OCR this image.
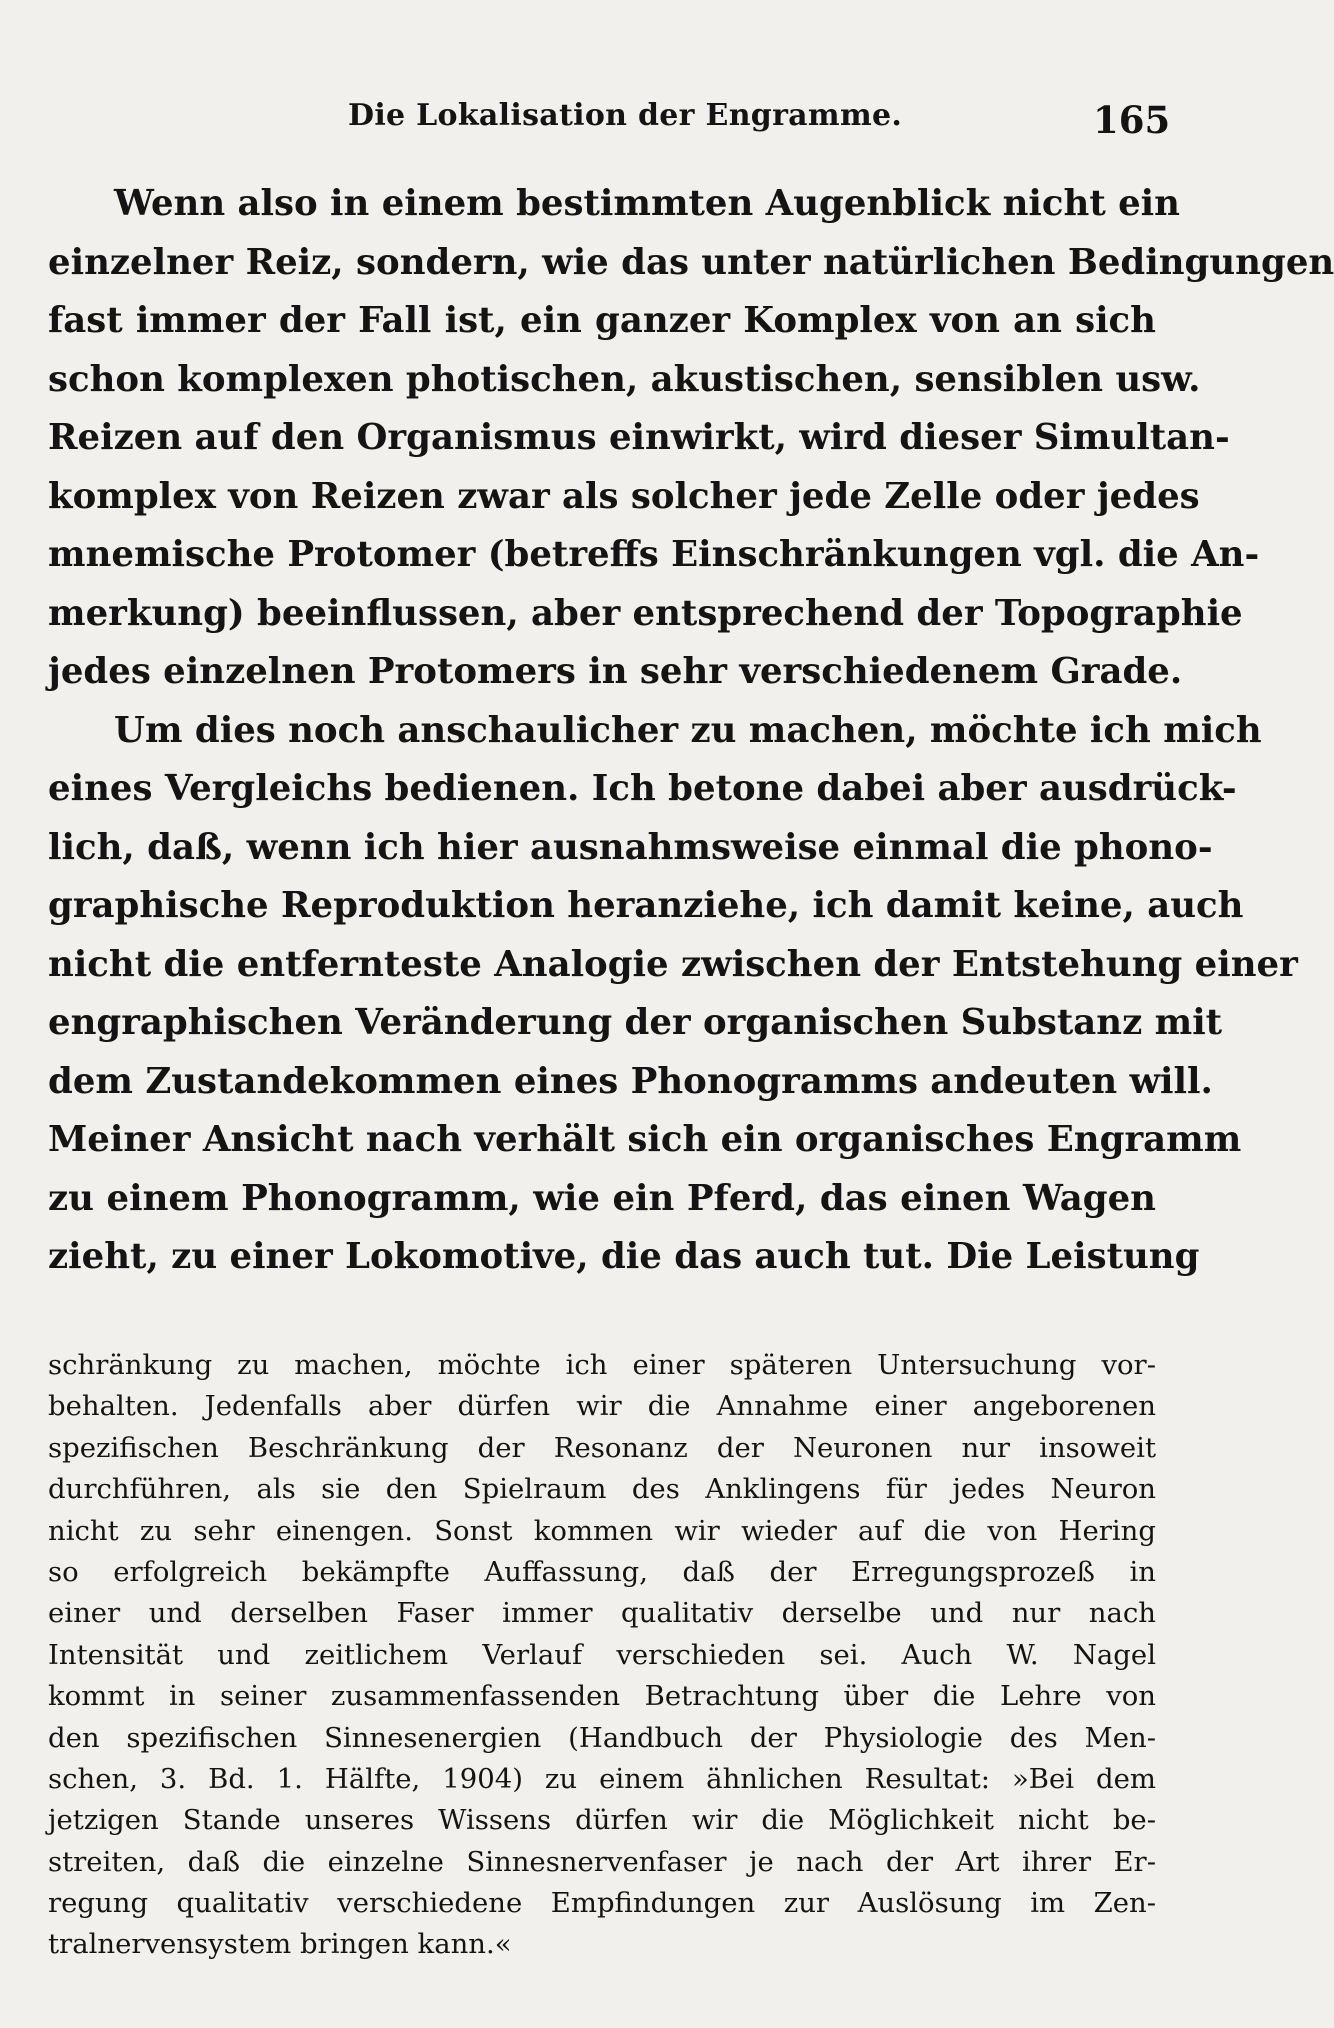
Die Lokalisation der Engramme.	165
Wenn also in einem bestimmten Augenblick nicht ein
einzelner Reiz, sondern, wie das unter natürlichen Bedingungen
fast immer der Fall ist, ein ganzer Komplex von an sich
schon komplexen photischen, akustischen, sensiblen usw.
Reizen auf den Organismus einwirkt, wird dieser Simultan-
komplex von Reizen zwar als solcher jede Zelle oder jedes
mnemische Protomer (betreffs Einschränkungen vgl. die An-
merkung) beeinflussen, aber entsprechend der Topographie
jedes einzelnen Protomers in sehr verschiedenem Grade.
Um dies noch anschaulicher zu machen, möchte ich mich
eines Vergleichs bedienen. Ich betone dabei aber ausdrück-
lich, daß, wenn ich hier ausnahmsweise einmal die phono-
graphische Reproduktion heranziehe, ich damit keine, auch
nicht die entfernteste Analogie zwischen der Entstehung einer
engraphischen Veränderung der organischen Substanz mit
dem Zustandekommen eines Phonogramms andeuten will.
Meiner Ansicht nach verhält sich ein organisches Engramm
zu einem Phonogramm, wie ein Pferd, das einen Wagen
zieht, zu einer Lokomotive, die das auch tut. Die Leistung
schränkung zu machen, möchte ich einer späteren Untersuchung vor-
behalten. Jedenfalls aber dürfen wir die Annahme einer angeborenen
spezifischen Beschränkung der Resonanz der Neuronen nur insoweit
durchführen, als sie den Spielraum des Anklingens für jedes Neuron
nicht zu sehr einengen. Sonst kommen wir wieder auf die von Hering
so erfolgreich bekämpfte Auffassung, daß der Erregungsprozeß in
einer und derselben Faser immer qualitativ derselbe und nur nach
Intensität und zeitlichem Verlauf verschieden sei. Auch W. Nagel
kommt in seiner zusammenfassenden Betrachtung über die Lehre von
den spezifischen Sinnesenergien (Handbuch der Physiologie des Men-
schen, 3. Bd. 1. Hälfte, 1904) zu einem ähnlichen Resultat: »Bei dem
jetzigen Stande unseres Wissens dürfen wir die Möglichkeit nicht be-
streiten, daß die einzelne Sinnesnervenfaser je nach der Art ihrer Er-
regung qualitativ verschiedene Empfindungen zur Auslösung im Zen-
tralnervensystem bringen kann.«
